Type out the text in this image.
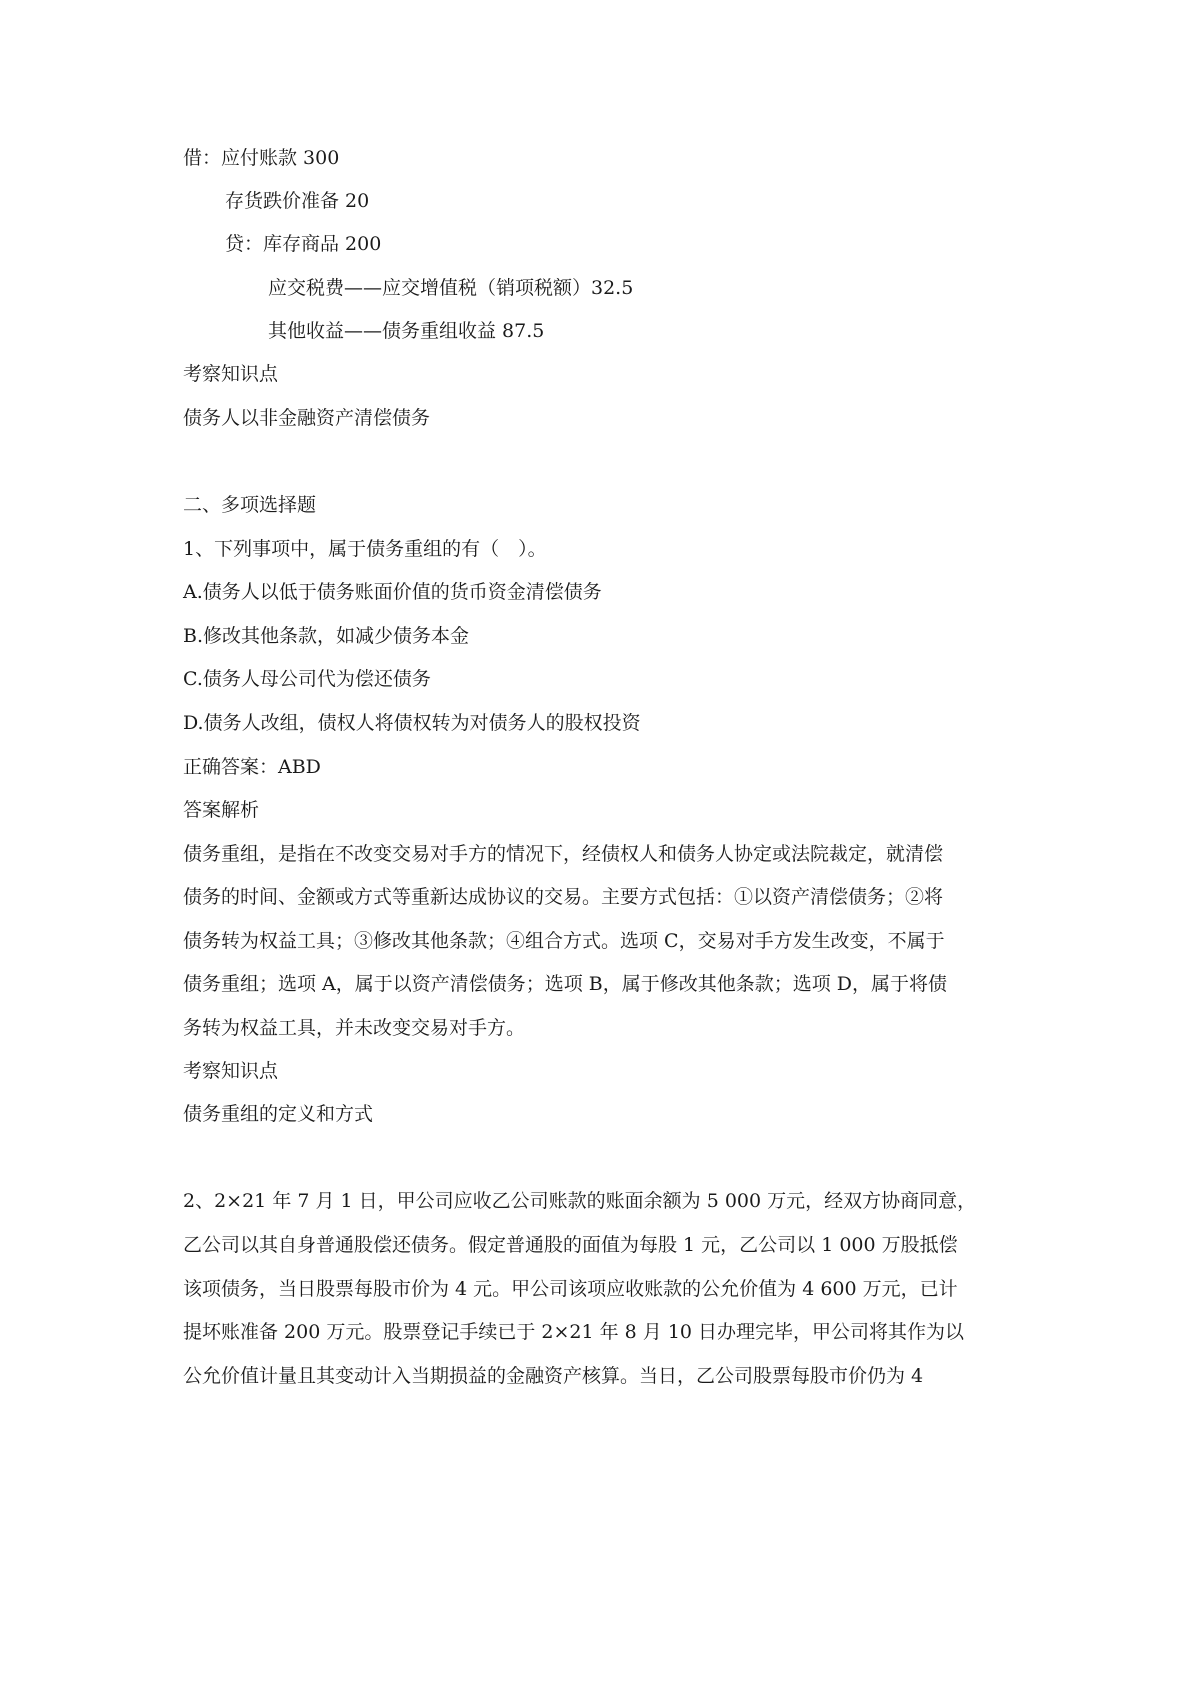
借：应付账款 300
存货跌价准备 20
贷：库存商品 200
应交税费——应交增值税（销项税额）32.5
其他收益——债务重组收益 87.5
考察知识点
债务人以非金融资产清偿债务
二、多项选择题
1、下列事项中，属于债务重组的有（　）。
A.债务人以低于债务账面价值的货币资金清偿债务
B.修改其他条款，如减少债务本金
C.债务人母公司代为偿还债务
D.债务人改组，债权人将债权转为对债务人的股权投资
正确答案：ABD
答案解析
债务重组，是指在不改变交易对手方的情况下，经债权人和债务人协定或法院裁定，就清偿
债务的时间、金额或方式等重新达成协议的交易。主要方式包括：①以资产清偿债务；②将
债务转为权益工具；③修改其他条款；④组合方式。选项 C，交易对手方发生改变，不属于
债务重组；选项 A，属于以资产清偿债务；选项 B，属于修改其他条款；选项 D，属于将债
务转为权益工具，并未改变交易对手方。
考察知识点
债务重组的定义和方式
2、2×21 年 7 月 1 日，甲公司应收乙公司账款的账面余额为 5 000 万元，经双方协商同意，
乙公司以其自身普通股偿还债务。假定普通股的面值为每股 1 元，乙公司以 1 000 万股抵偿
该项债务，当日股票每股市价为 4 元。甲公司该项应收账款的公允价值为 4 600 万元，已计
提坏账准备 200 万元。股票登记手续已于 2×21 年 8 月 10 日办理完毕，甲公司将其作为以
公允价值计量且其变动计入当期损益的金融资产核算。当日，乙公司股票每股市价仍为 4
